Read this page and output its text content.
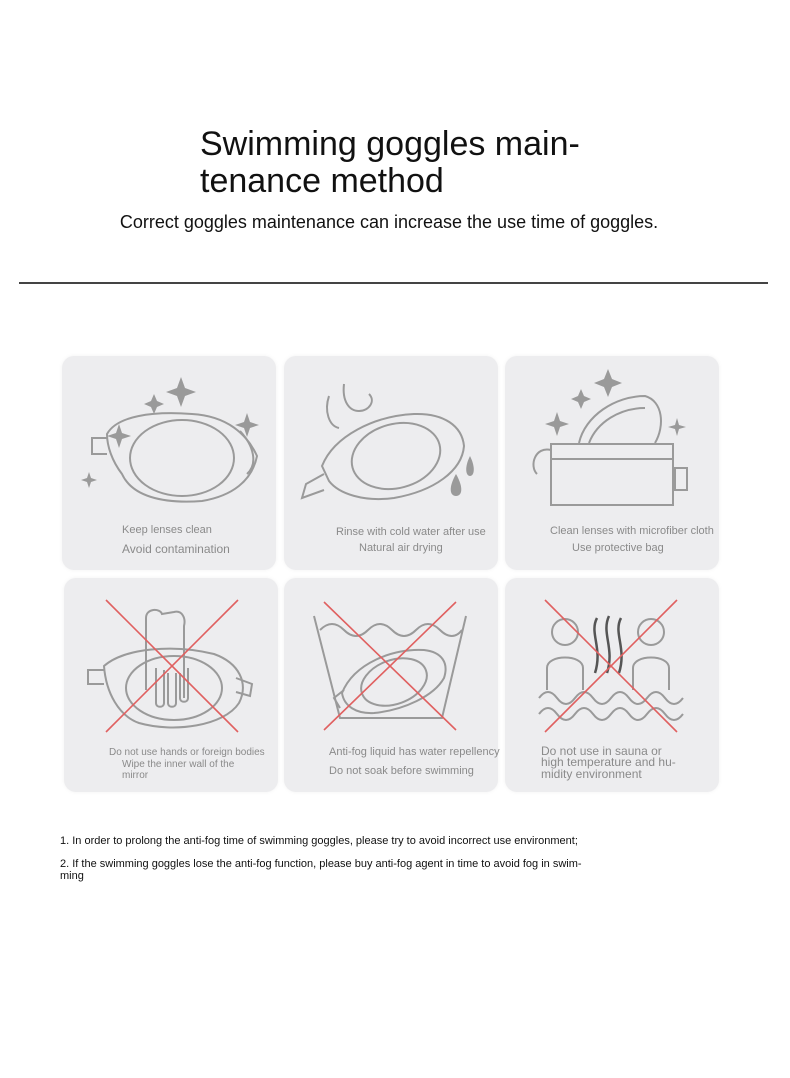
Swimming goggles main-
tenance method
Correct goggles maintenance can increase the use time of goggles.
Keep lenses clean
Avoid contamination
Rinse with cold water after use
Natural air drying
Clean lenses with microfiber cloth
Use protective bag
Do not use hands or foreign bodies
Wipe the inner wall of the
mirror
Anti-fog liquid has water repellency
Do not soak before swimming
Do not use in sauna or
high temperature and hu-
midity environment
1. In order to prolong the anti-fog time of swimming goggles, please try to avoid incorrect use environment;
2. If the swimming goggles lose the anti-fog function, please buy anti-fog agent in time to avoid fog in swim-
ming
